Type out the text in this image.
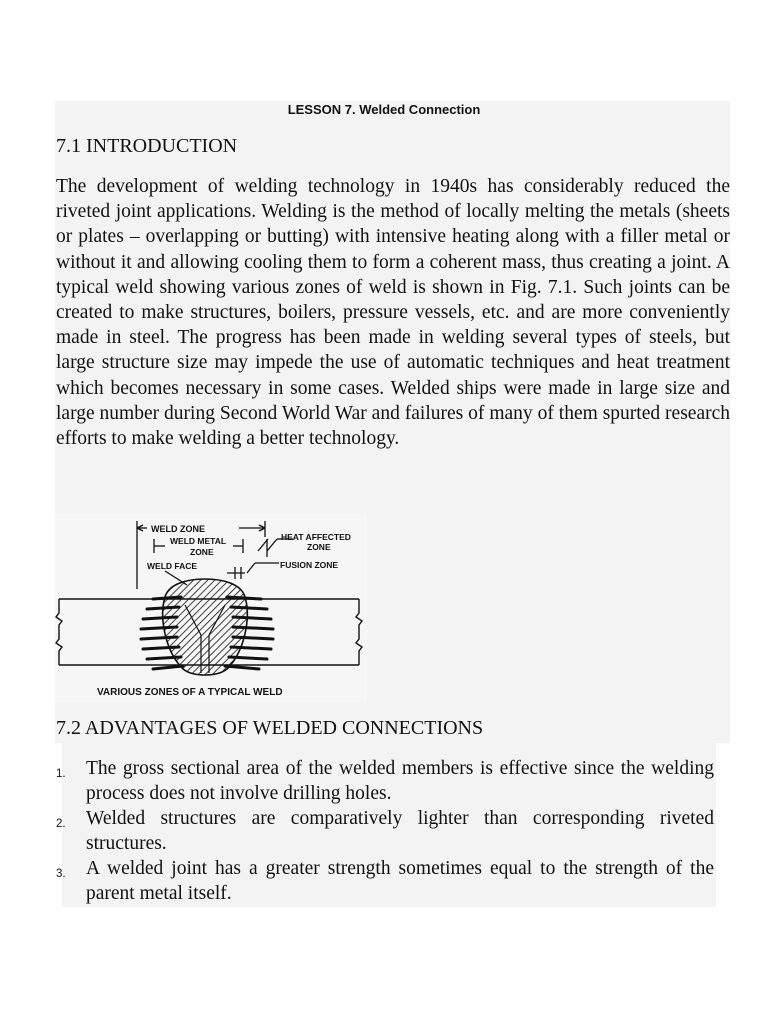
LESSON 7. Welded Connection
7.1 INTRODUCTION

The development of welding technology in 1940s has considerably reduced the riveted joint applications. Welding is the method of locally melting the metals (sheets or plates – overlapping or butting) with intensive heating along with a filler metal or without it and allowing cooling them to form a coherent mass, thus creating a joint. A typical weld showing various zones of weld is shown in Fig. 7.1. Such joints can be created to make structures, boilers, pressure vessels, etc. and are more conveniently made in steel. The progress has been made in welding several types of steels, but large structure size may impede the use of automatic techniques and heat treatment which becomes necessary in some cases. Welded ships were made in large size and large number during Second World War and failures of many of them spurted research efforts to make welding a better technology.

WELD ZONE
WELD METAL
ZONE
HEAT AFFECTED
ZONE
WELD FACE	FUSION ZONE
VARIOUS ZONES OF A TYPICAL WELD
7.2 ADVANTAGES OF WELDED CONNECTIONS
1.	The gross sectional area of the welded members is effective since the welding process does not involve drilling holes.
2.	Welded structures are comparatively lighter than corresponding riveted structures.
3.	A welded joint has a greater strength sometimes equal to the strength of the parent metal itself.
